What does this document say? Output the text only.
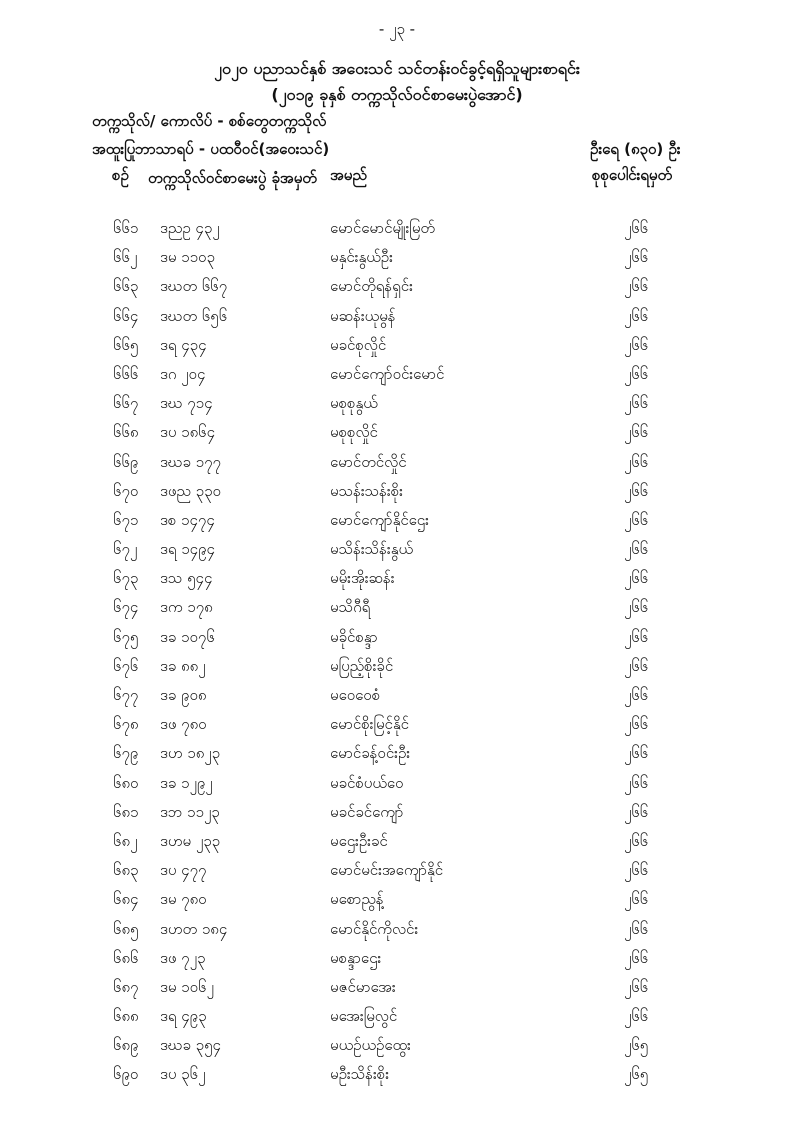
- ၂၃ -
၂၀၂၀ ပညာသင်နှစ် အဝေးသင် သင်တန်းဝင်ခွင့်ရရှိသူများစာရင်း
(၂၀၁၉ ခုနှစ် တက္ကသိုလ်ဝင်စာမေးပွဲအောင်)
တက္ကသိုလ်/ ကောလိပ် - စစ်တွေတက္ကသိုလ်
အထူးပြုဘာသာရပ် - ပထဝီဝင်(အဝေးသင်)	ဦးရေ (၈၃၀) ဦး
စဉ် တက္ကသိုလ်ဝင်စာမေးပွဲ ခုံအမှတ် အမည်	စုစုပေါင်းရမှတ်
၆၆၁ ဒညဥ ၄၃၂	မောင်မောင်မျိုးမြတ်	၂၆၆
၆၆၂ ဒမ ၁၁၀၃	မနှင်းနွယ်ဦး	၂၆၆
၆၆၃ ဒဃတ ၆၆၇	မောင်တိုရန်ရှင်း	၂၆၆
၆၆၄ ဒဃတ ၆၅၆	မဆန်းယုမွန်	၂၆၆
၆၆၅ ဒရ ၄၃၄	မခင်စုလှိုင်	၂၆၆
၆၆၆ ဒဂ ၂၀၄	မောင်ကျော်ဝင်းမောင်	၂၆၆
၆၆၇ ဒဃ ၇၁၄	မစုစုနွယ်	၂၆၆
၆၆၈ ဒပ ၁၈၆၄	မစုစုလှိုင်	၂၆၆
၆၆၉ ဒဃခ ၁၇၇	မောင်တင်လှိုင်	၂၆၆
၆၇၀ ဒဖည ၃၃၀	မသန်းသန်းစိုး	၂၆၆
၆၇၁ ဒစ ၁၄၇၄	မောင်ကျော်နိုင်ဌေး	၂၆၆
၆၇၂ ဒရ ၁၄၉၄	မသိန်းသိန်းနွယ်	၂၆၆
၆၇၃ ဒသ ၅၄၄	မမိုးအိုးဆန်း	၂၆၆
၆၇၄ ဒက ၁၇၈	မသိဂီရီ	၂၆၆
၆၇၅ ဒခ ၁၀၇၆	မခိုင်စန္ဒာ	၂၆၆
၆၇၆ ဒခ ၈၈၂	မပြည့်စိုးခိုင်	၂၆၆
၆၇၇ ဒခ ၉၀၈	မဝေဝေစံ	၂၆၆
၆၇၈ ဒဖ ၇၈၀	မောင်စိုးမြင့်နိုင်	၂၆၆
၆၇၉ ဒဟ ၁၈၂၃	မောင်ခန့်ဝင်းဦး	၂၆၆
၆၈၀ ဒခ ၁၂၉၂	မခင်စံပယ်ဝေ	၂၆၆
၆၈၁ ဒဘ ၁၁၂၃	မခင်ခင်ကျော်	၂၆၆
၆၈၂ ဒဟမ ၂၃၃	မဌေးဦးခင်	၂၆၆
၆၈၃ ဒပ ၄၇၇	မောင်မင်းအကျော်နိုင်	၂၆၆
၆၈၄ ဒမ ၇၈၀	မစောညွန့်	၂၆၆
၆၈၅ ဒဟတ ၁၈၄	မောင်နိုင်ကိုလင်း	၂၆၆
၆၈၆ ဒဖ ၇၂၃	မစန္ဒာဌေး	၂၆၆
၆၈၇ ဒမ ၁၀၆၂	မဇင်မာအေး	၂၆၆
၆၈၈ ဒရ ၄၉၃	မအေးမြလွင်	၂၆၆
၆၈၉ ဒဃခ ၃၅၄	မယဉ်ယဉ်ထွေး	၂၆၅
၆၉၀ ဒပ ၃၆၂	မဦးသိန်းစိုး	၂၆၅
